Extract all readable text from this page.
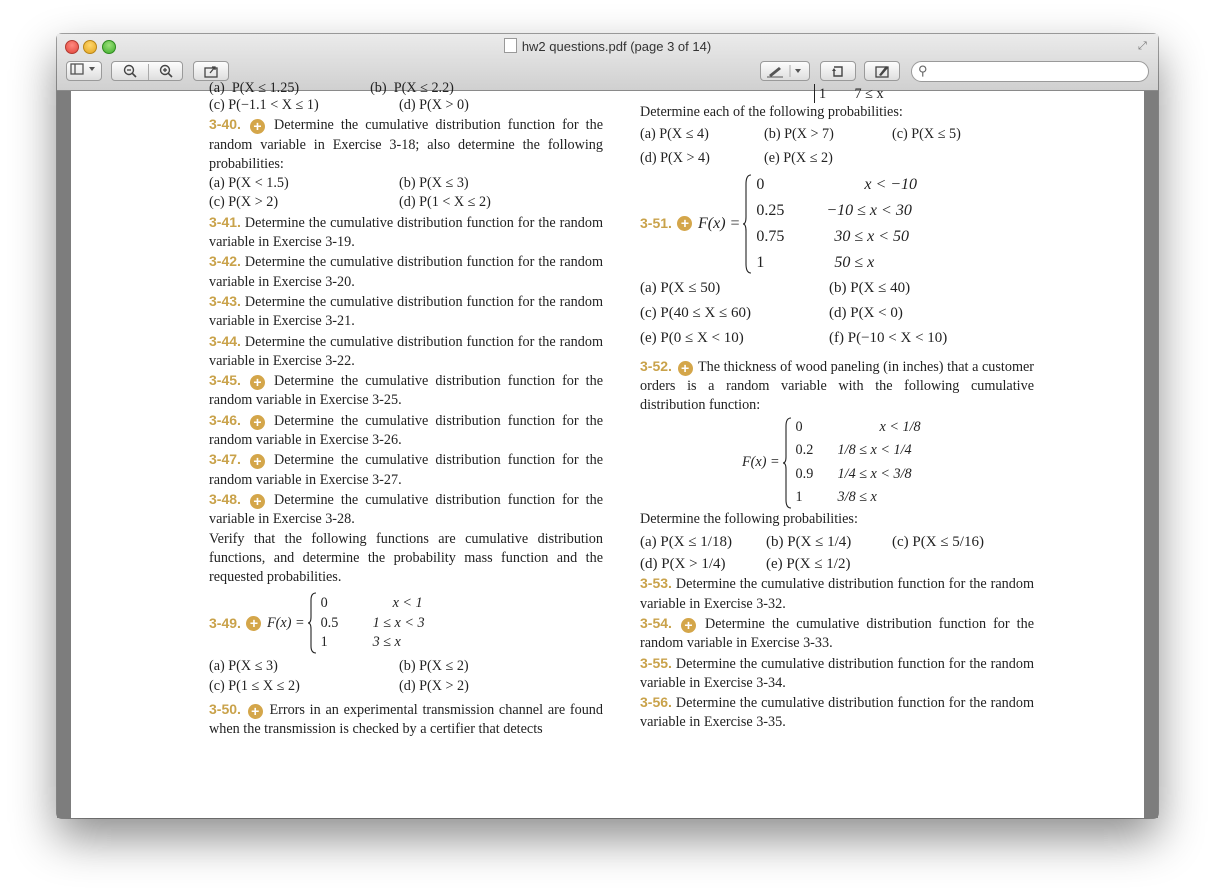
hw2 questions.pdf (page 3 of 14)	⤢
⚲
(a)  P(X ≤ 1.25)                    (b)  P(X ≤ 2.2)
(c) P(−1.1 < X ≤ 1)	(d) P(X > 0)
3-40. + Determine the cumulative distribution function for the random variable in Exercise 3-18; also determine the following probabilities:
(a) P(X < 1.5)	(b) P(X ≤ 3)
(c) P(X > 2)	(d) P(1 < X ≤ 2)
3-41. Determine the cumulative distribution function for the random variable in Exercise 3-19.
3-42. Determine the cumulative distribution function for the random variable in Exercise 3-20.
3-43. Determine the cumulative distribution function for the random variable in Exercise 3-21.
3-44. Determine the cumulative distribution function for the random variable in Exercise 3-22.
3-45. + Determine the cumulative distribution function for the random variable in Exercise 3-25.
3-46. + Determine the cumulative distribution function for the random variable in Exercise 3-26.
3-47. + Determine the cumulative distribution function for the random variable in Exercise 3-27.
3-48. + Determine the cumulative distribution function for the variable in Exercise 3-28.
Verify that the following functions are cumulative distribution functions, and determine the probability mass function and the requested probabilities.
3-49.
+
F(x) =
0	x < 1
0.5	1 ≤ x < 3
1	3 ≤ x
(a) P(X ≤ 3)	(b) P(X ≤ 2)
(c) P(1 ≤ X ≤ 2)	(d) P(X > 2)
3-50. + Errors in an experimental transmission channel are found when the transmission is checked by a certifier that detects
1        7 ≤ x
Determine each of the following probabilities:
(a) P(X ≤ 4)	(b) P(X > 7)	(c) P(X ≤ 5)
(d) P(X > 4)	(e) P(X ≤ 2)
3-51.
+
F(x) =
0	x < −10
0.25	−10 ≤ x < 30
0.75	30 ≤ x < 50
1	50 ≤ x
(a) P(X ≤ 50)	(b) P(X ≤ 40)
(c) P(40 ≤ X ≤ 60)	(d) P(X < 0)
(e) P(0 ≤ X < 10)	(f) P(−10 < X < 10)
3-52. + The thickness of wood paneling (in inches) that a customer orders is a random variable with the following cumulative distribution function:
F(x) =
0	x < 1/8
0.2	1/8 ≤ x < 1/4
0.9	1/4 ≤ x < 3/8
1	3/8 ≤ x
Determine the following probabilities:
(a) P(X ≤ 1/18)	(b) P(X ≤ 1/4)	(c) P(X ≤ 5/16)
(d) P(X > 1/4)	(e) P(X ≤ 1/2)
3-53. Determine the cumulative distribution function for the random variable in Exercise 3-32.
3-54. + Determine the cumulative distribution function for the random variable in Exercise 3-33.
3-55. Determine the cumulative distribution function for the random variable in Exercise 3-34.
3-56. Determine the cumulative distribution function for the random variable in Exercise 3-35.
